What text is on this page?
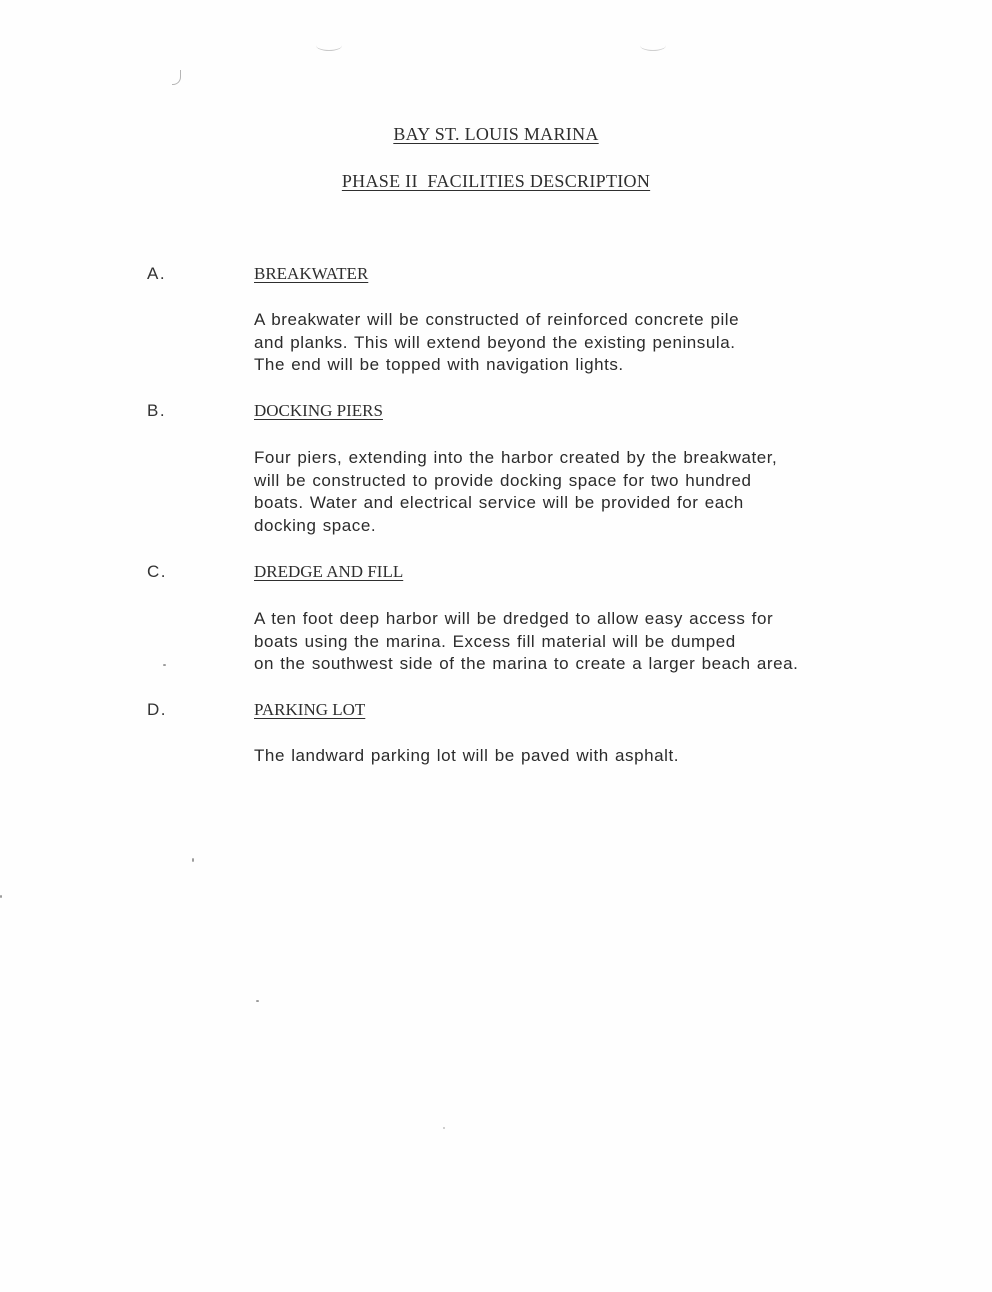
BAY ST. LOUIS MARINA
PHASE II  FACILITIES DESCRIPTION
A.	BREAKWATER
A breakwater will be constructed of reinforced concrete pile
and planks. This will extend beyond the existing peninsula.
The end will be topped with navigation lights.
B.	DOCKING PIERS
Four piers, extending into the harbor created by the breakwater,
will be constructed to provide docking space for two hundred
boats. Water and electrical service will be provided for each
docking space.
C.	DREDGE AND FILL
A ten foot deep harbor will be dredged to allow easy access for
boats using the marina. Excess fill material will be dumped
on the southwest side of the marina to create a larger beach area.
D.	PARKING LOT
The landward parking lot will be paved with asphalt.
